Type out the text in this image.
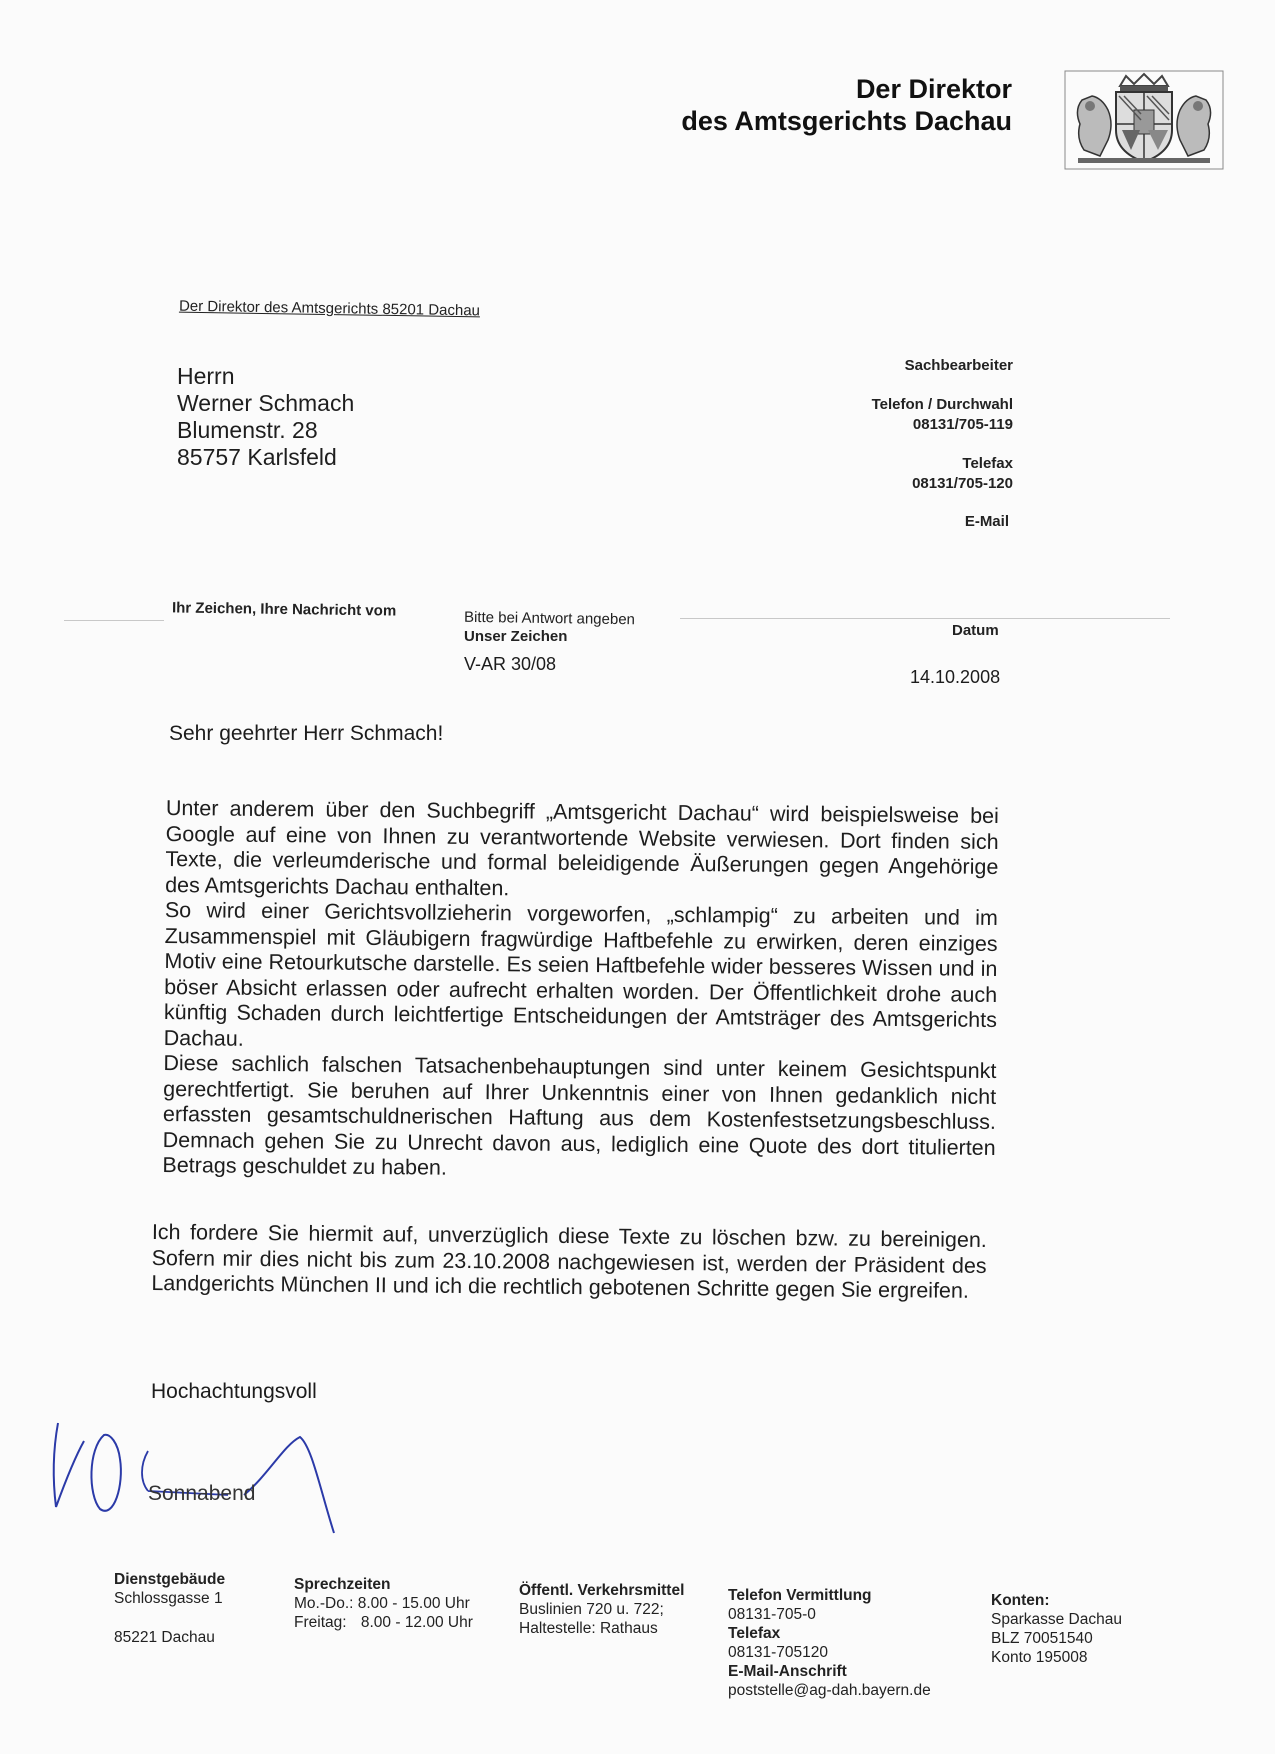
Der Direktor
des Amtsgerichts Dachau
Der Direktor des Amtsgerichts 85201 Dachau
Herrn
Werner Schmach
Blumenstr. 28
85757 Karlsfeld
Sachbearbeiter
Telefon / Durchwahl
08131/705-119
Telefax
08131/705-120
E-Mail
Ihr Zeichen, Ihre Nachricht vom	Bitte bei Antwort angeben
Unser Zeichen
V-AR 30/08
Datum
14.10.2008
Sehr geehrter Herr Schmach!

Unter anderem über den Suchbegriff „Amtsgericht Dachau“ wird beispielsweise bei Google auf eine von Ihnen zu verantwortende Website verwiesen. Dort finden sich Texte, die verleumderische und formal beleidigende Äußerungen gegen Angehörige des Amtsgerichts Dachau enthalten.

So wird einer Gerichtsvollzieherin vorgeworfen, „schlampig“ zu arbeiten und im Zusammenspiel mit Gläubigern fragwürdige Haftbefehle zu erwirken, deren einziges Motiv eine Retourkutsche darstelle. Es seien Haftbefehle wider besseres Wissen und in böser Absicht erlassen oder aufrecht erhalten worden. Der Öffentlichkeit drohe auch künftig Schaden durch leichtfertige Entscheidungen der Amtsträger des Amtsgerichts Dachau.

Diese sachlich falschen Tatsachenbehauptungen sind unter keinem Gesichtspunkt gerechtfertigt. Sie beruhen auf Ihrer Unkenntnis einer von Ihnen gedanklich nicht erfassten gesamtschuldnerischen Haftung aus dem Kostenfestsetzungsbeschluss. Demnach gehen Sie zu Unrecht davon aus, lediglich eine Quote des dort titulierten Betrags geschuldet zu haben.

Ich fordere Sie hiermit auf, unverzüglich diese Texte zu löschen bzw. zu bereinigen. Sofern mir dies nicht bis zum 23.10.2008 nachgewiesen ist, werden der Präsident des Landgerichts München II und ich die rechtlich gebotenen Schritte gegen Sie ergreifen.

Hochachtungsvoll
Sonnabend
Dienstgebäude
Schlossgasse 1
85221 Dachau
Sprechzeiten
Mo.-Do.: 8.00 - 15.00 Uhr
Freitag: 8.00 - 12.00 Uhr
Öffentl. Verkehrsmittel
Buslinien 720 u. 722;
Haltestelle: Rathaus
Telefon Vermittlung
08131-705-0
Telefax
08131-705120
E-Mail-Anschrift
poststelle@ag-dah.bayern.de
Konten:
Sparkasse Dachau
BLZ 70051540
Konto 195008
